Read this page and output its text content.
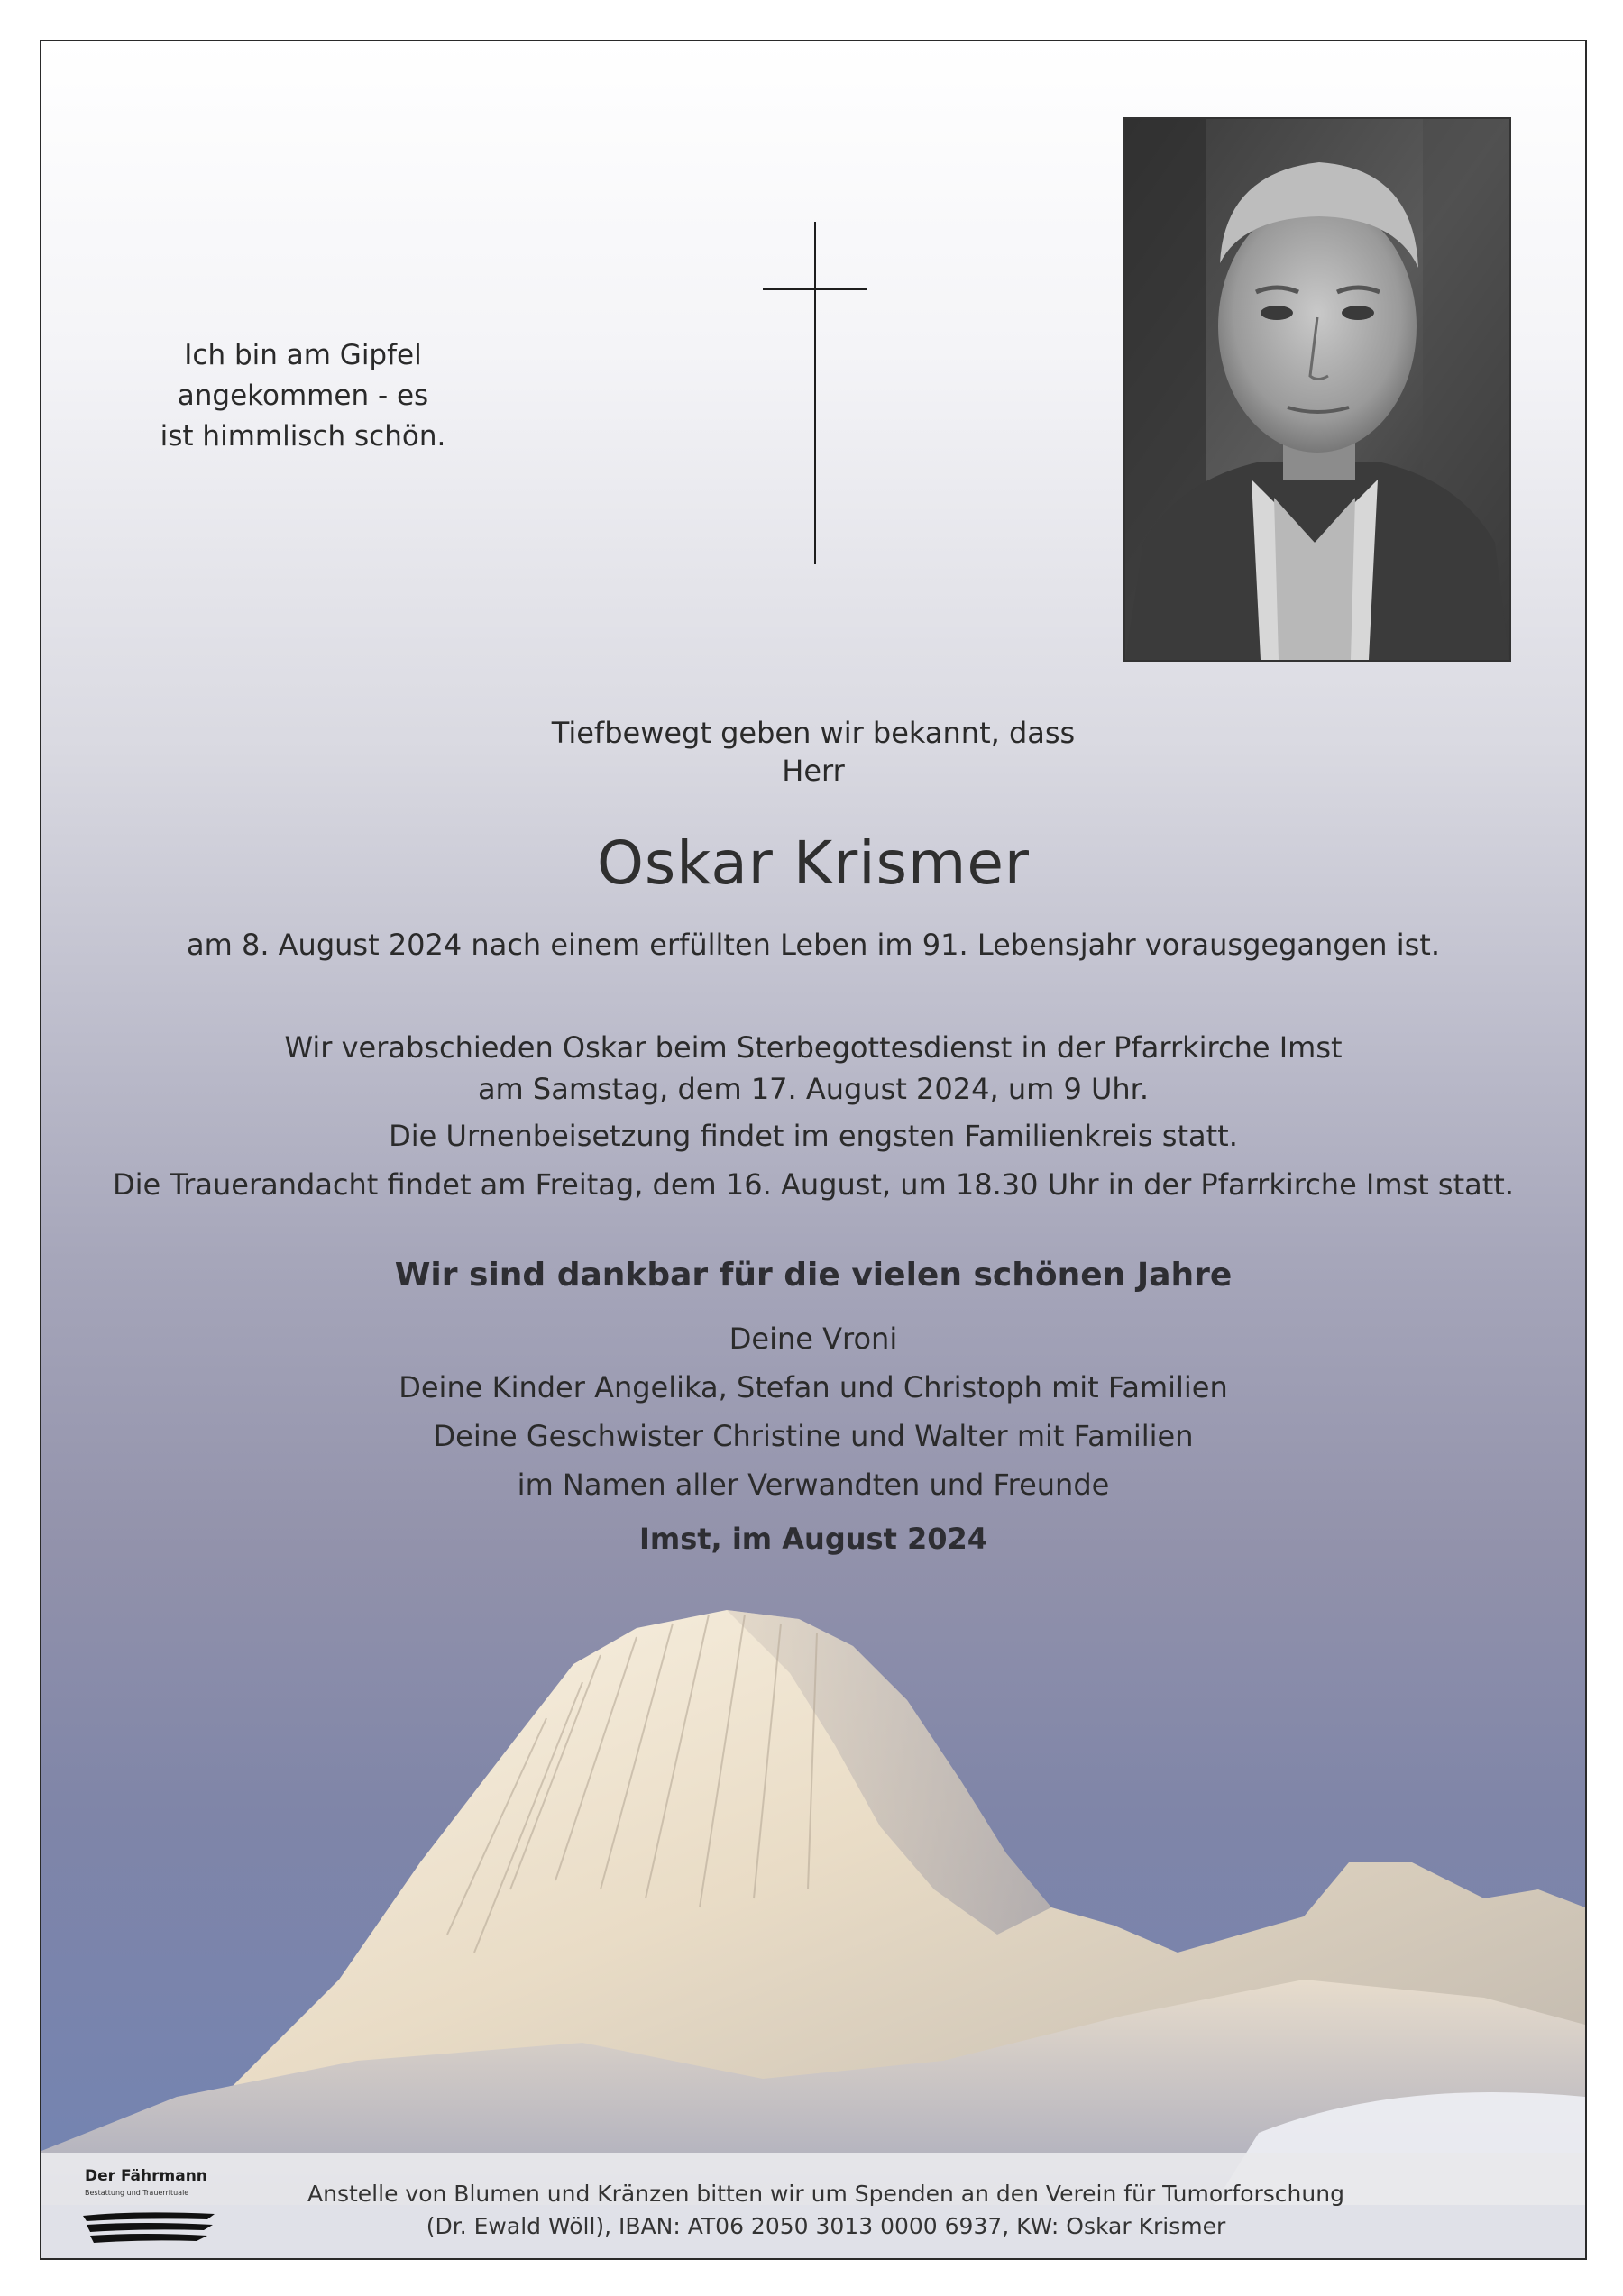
Ich bin am Gipfel
angekommen - es
ist himmlisch schön.
Tiefbewegt geben wir bekannt, dass
Herr
Oskar Krismer
am 8. August 2024 nach einem erfüllten Leben im 91. Lebensjahr vorausgegangen ist.
Wir verabschieden Oskar beim Sterbegottesdienst in der Pfarrkirche Imst
am Samstag, dem 17. August 2024, um 9 Uhr.
Die Urnenbeisetzung findet im engsten Familienkreis statt.
Die Trauerandacht findet am Freitag, dem 16. August, um 18.30 Uhr in der Pfarrkirche Imst statt.
Wir sind dankbar für die vielen schönen Jahre
Deine Vroni
Deine Kinder Angelika, Stefan und Christoph mit Familien
Deine Geschwister Christine und Walter mit Familien
im Namen aller Verwandten und Freunde
Imst, im August 2024
Der Fährmann
Bestattung und Trauerrituale	Anstelle von Blumen und Kränzen bitten wir um Spenden an den Verein für Tumorforschung
(Dr. Ewald Wöll), IBAN: AT06 2050 3013 0000 6937, KW: Oskar Krismer
